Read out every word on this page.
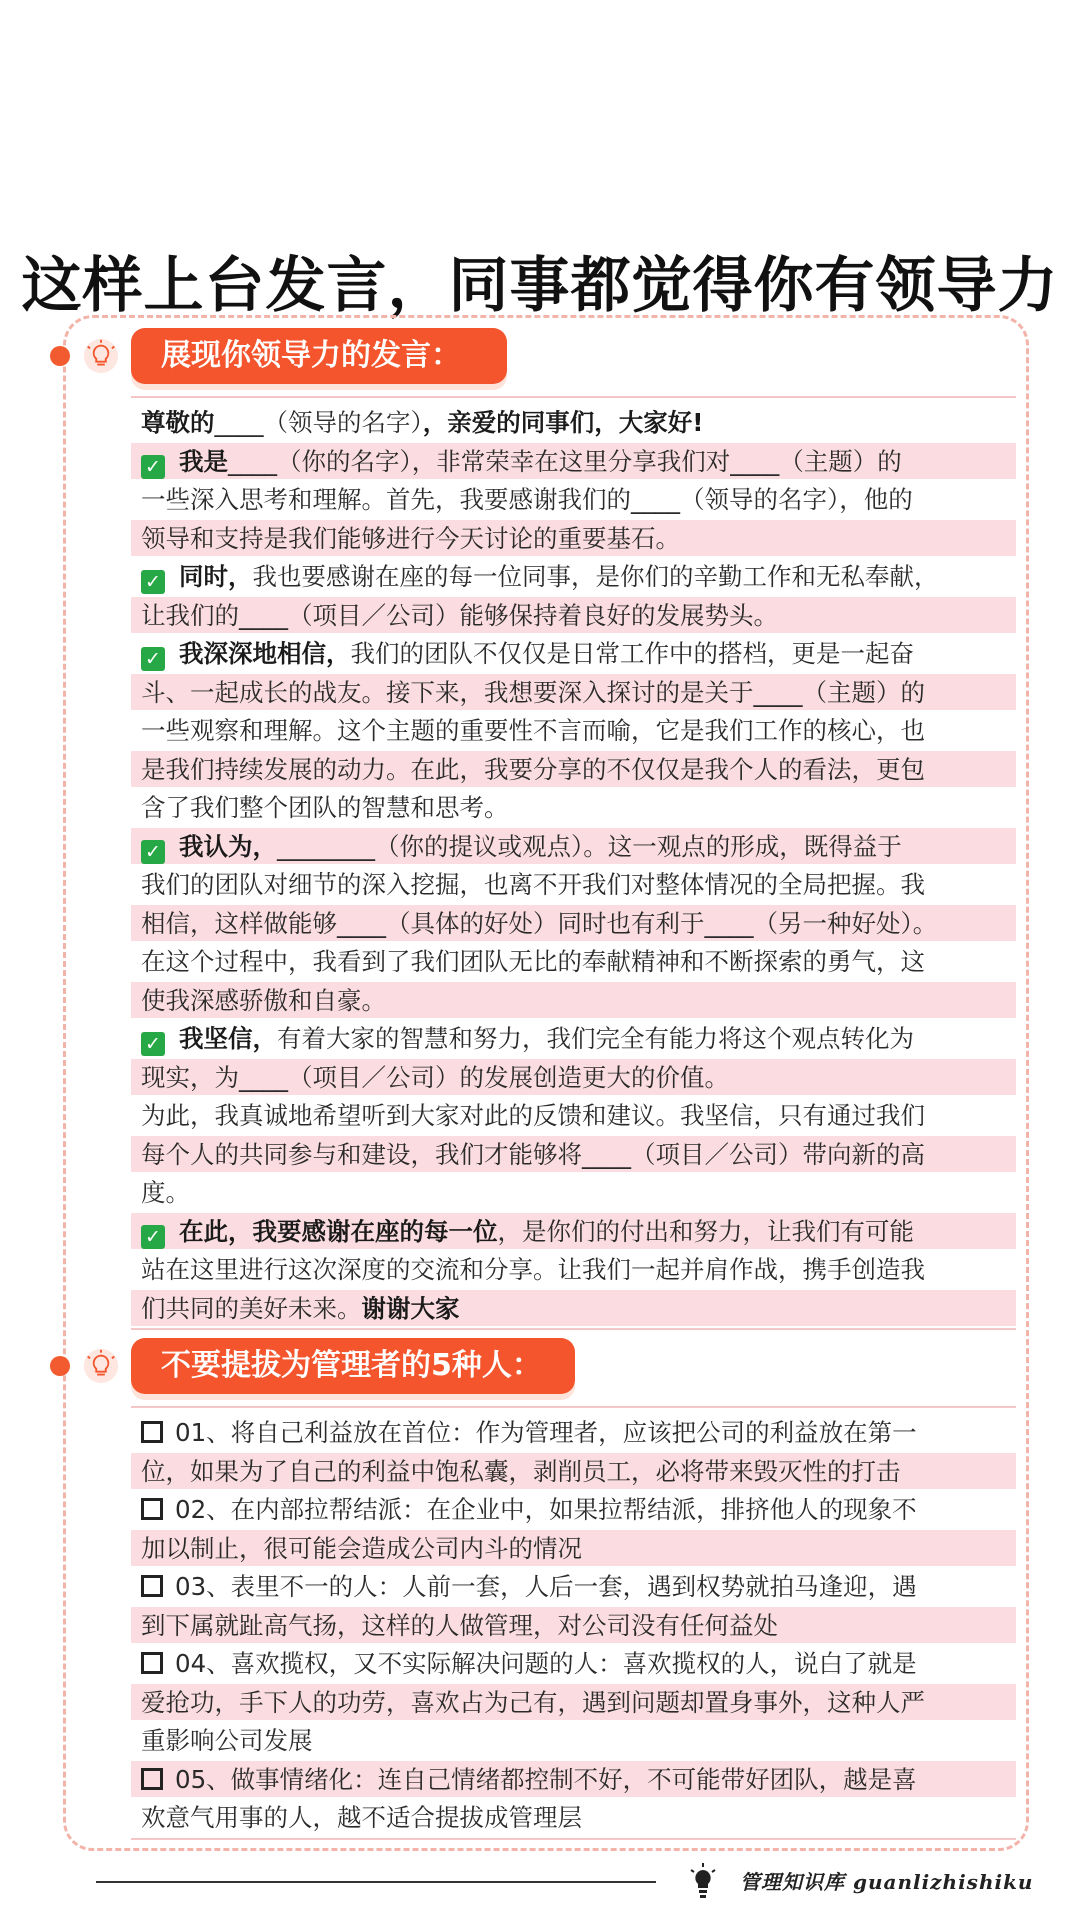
这样上台发言，同事都觉得你有领导力
展现你领导力的发言：
尊敬的____（领导的名字），亲爱的同事们，大家好!
✓ 我是____（你的名字），非常荣幸在这里分享我们对____（主题）的
一些深入思考和理解。首先，我要感谢我们的____（领导的名字），他的
领导和支持是我们能够进行今天讨论的重要基石。
✓ 同时，我也要感谢在座的每一位同事，是你们的辛勤工作和无私奉献，
让我们的____（项目／公司）能够保持着良好的发展势头。
✓ 我深深地相信，我们的团队不仅仅是日常工作中的搭档，更是一起奋
斗、一起成长的战友。接下来，我想要深入探讨的是关于____（主题）的
一些观察和理解。这个主题的重要性不言而喻，它是我们工作的核心，也
是我们持续发展的动力。在此，我要分享的不仅仅是我个人的看法，更包
含了我们整个团队的智慧和思考。
✓ 我认为，________（你的提议或观点）。这一观点的形成，既得益于
我们的团队对细节的深入挖掘，也离不开我们对整体情况的全局把握。我
相信，这样做能够____（具体的好处）同时也有利于____（另一种好处）。
在这个过程中，我看到了我们团队无比的奉献精神和不断探索的勇气，这
使我深感骄傲和自豪。
✓ 我坚信，有着大家的智慧和努力，我们完全有能力将这个观点转化为
现实，为____（项目／公司）的发展创造更大的价值。
为此，我真诚地希望听到大家对此的反馈和建议。我坚信，只有通过我们
每个人的共同参与和建设，我们才能够将____（项目／公司）带向新的高
度。
✓ 在此，我要感谢在座的每一位，是你们的付出和努力，让我们有可能
站在这里进行这次深度的交流和分享。让我们一起并肩作战，携手创造我
们共同的美好未来。谢谢大家
不要提拔为管理者的5种人：
01、将自己利益放在首位：作为管理者，应该把公司的利益放在第一
位，如果为了自己的利益中饱私囊，剥削员工，必将带来毁灭性的打击
02、在内部拉帮结派：在企业中，如果拉帮结派，排挤他人的现象不
加以制止，很可能会造成公司内斗的情况
03、表里不一的人：人前一套，人后一套，遇到权势就拍马逢迎，遇
到下属就趾高气扬，这样的人做管理，对公司没有任何益处
04、喜欢揽权，又不实际解决问题的人：喜欢揽权的人，说白了就是
爱抢功，手下人的功劳，喜欢占为己有，遇到问题却置身事外，这种人严
重影响公司发展
05、做事情绪化：连自己情绪都控制不好，不可能带好团队，越是喜
欢意气用事的人，越不适合提拔成管理层
管理知识库 guanlizhishiku
